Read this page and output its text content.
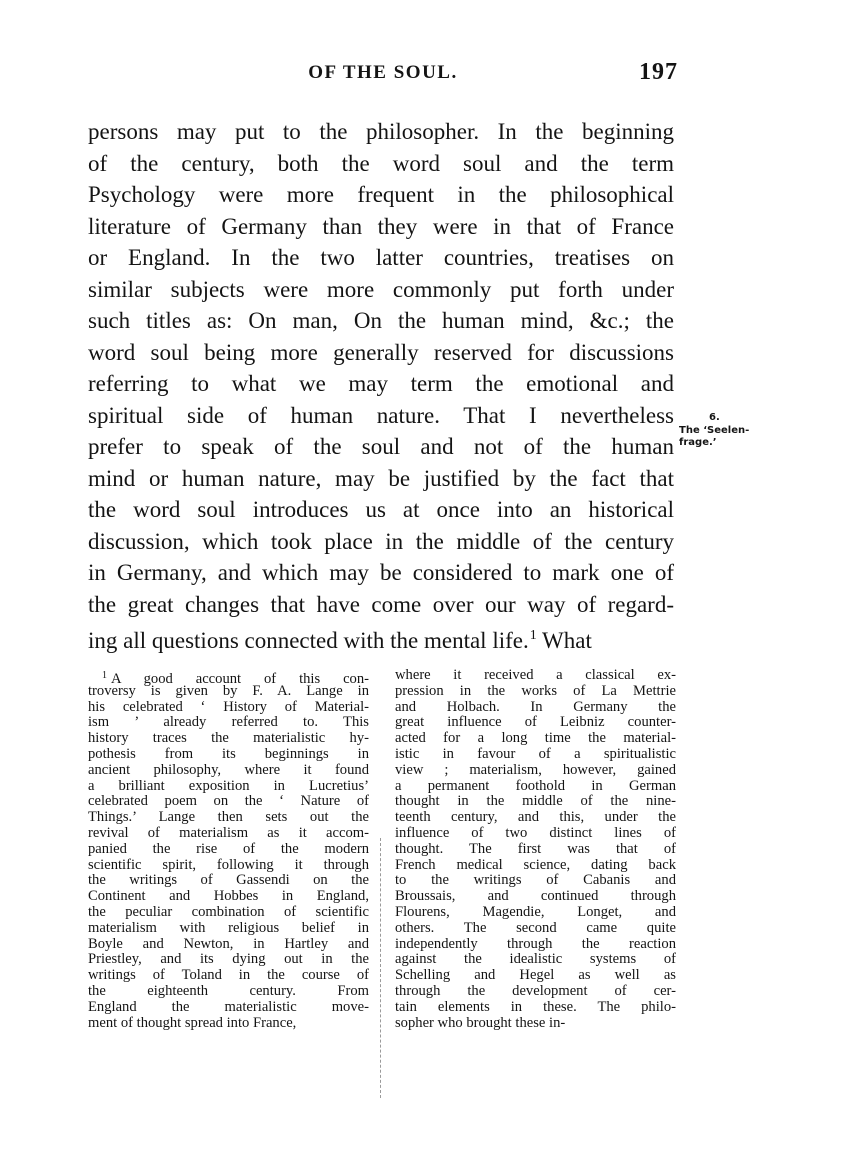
OF THE SOUL.	197
persons may put to the philosopher. In the beginning
of the century, both the word soul and the term
Psychology were more frequent in the philosophical
literature of Germany than they were in that of France
or England. In the two latter countries, treatises on
similar subjects were more commonly put forth under
such titles as: On man, On the human mind, &c.; the
word soul being more generally reserved for discussions
referring to what we may term the emotional and
spiritual side of human nature. That I nevertheless
prefer to speak of the soul and not of the human
mind or human nature, may be justified by the fact that
the word soul introduces us at once into an historical
discussion, which took place in the middle of the century
in Germany, and which may be considered to mark one of
the great changes that have come over our way of regard-
ing all questions connected with the mental life.$^1$ What
6.
The ‘Seelen-
frage.’
$^1$ A good account of this con-
troversy is given by F. A. Lange in
his celebrated ‘ History of Material-
ism ’ already referred to. This
history traces the materialistic hy-
pothesis from its beginnings in
ancient philosophy, where it found
a brilliant exposition in Lucretius’
celebrated poem on the ‘ Nature of
Things.’ Lange then sets out the
revival of materialism as it accom-
panied the rise of the modern
scientific spirit, following it through
the writings of Gassendi on the
Continent and Hobbes in England,
the peculiar combination of scientific
materialism with religious belief in
Boyle and Newton, in Hartley and
Priestley, and its dying out in the
writings of Toland in the course of
the eighteenth century. From
England the materialistic move-
ment of thought spread into France,
where it received a classical ex-
pression in the works of La Mettrie
and Holbach. In Germany the
great influence of Leibniz counter-
acted for a long time the material-
istic in favour of a spiritualistic
view ; materialism, however, gained
a permanent foothold in German
thought in the middle of the nine-
teenth century, and this, under the
influence of two distinct lines of
thought. The first was that of
French medical science, dating back
to the writings of Cabanis and
Broussais, and continued through
Flourens, Magendie, Longet, and
others. The second came quite
independently through the reaction
against the idealistic systems of
Schelling and Hegel as well as
through the development of cer-
tain elements in these. The philo-
sopher who brought these in-
